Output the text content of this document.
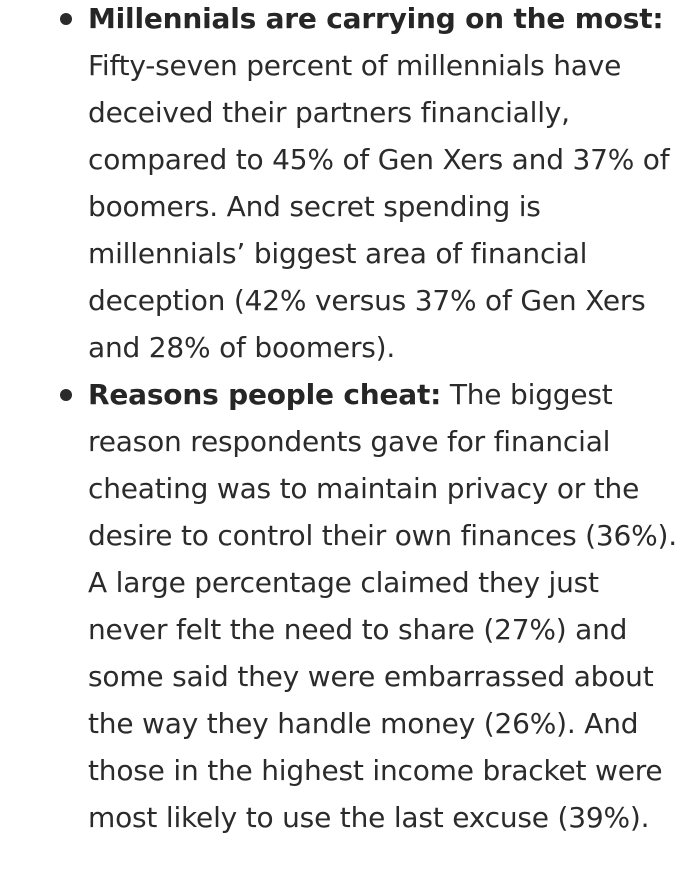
Millennials are carrying on the most: Fifty-seven percent of millennials have deceived their partners financially, compared to 45% of Gen Xers and 37% of boomers. And secret spending is millennials’ biggest area of financial deception (42% versus 37% of Gen Xers and 28% of boomers).
Reasons people cheat: The biggest reason respondents gave for financial cheating was to maintain privacy or the desire to control their own finances (36%). A large percentage claimed they just never felt the need to share (27%) and some said they were embarrassed about the way they handle money (26%). And those in the highest income bracket were most likely to use the last excuse (39%).
